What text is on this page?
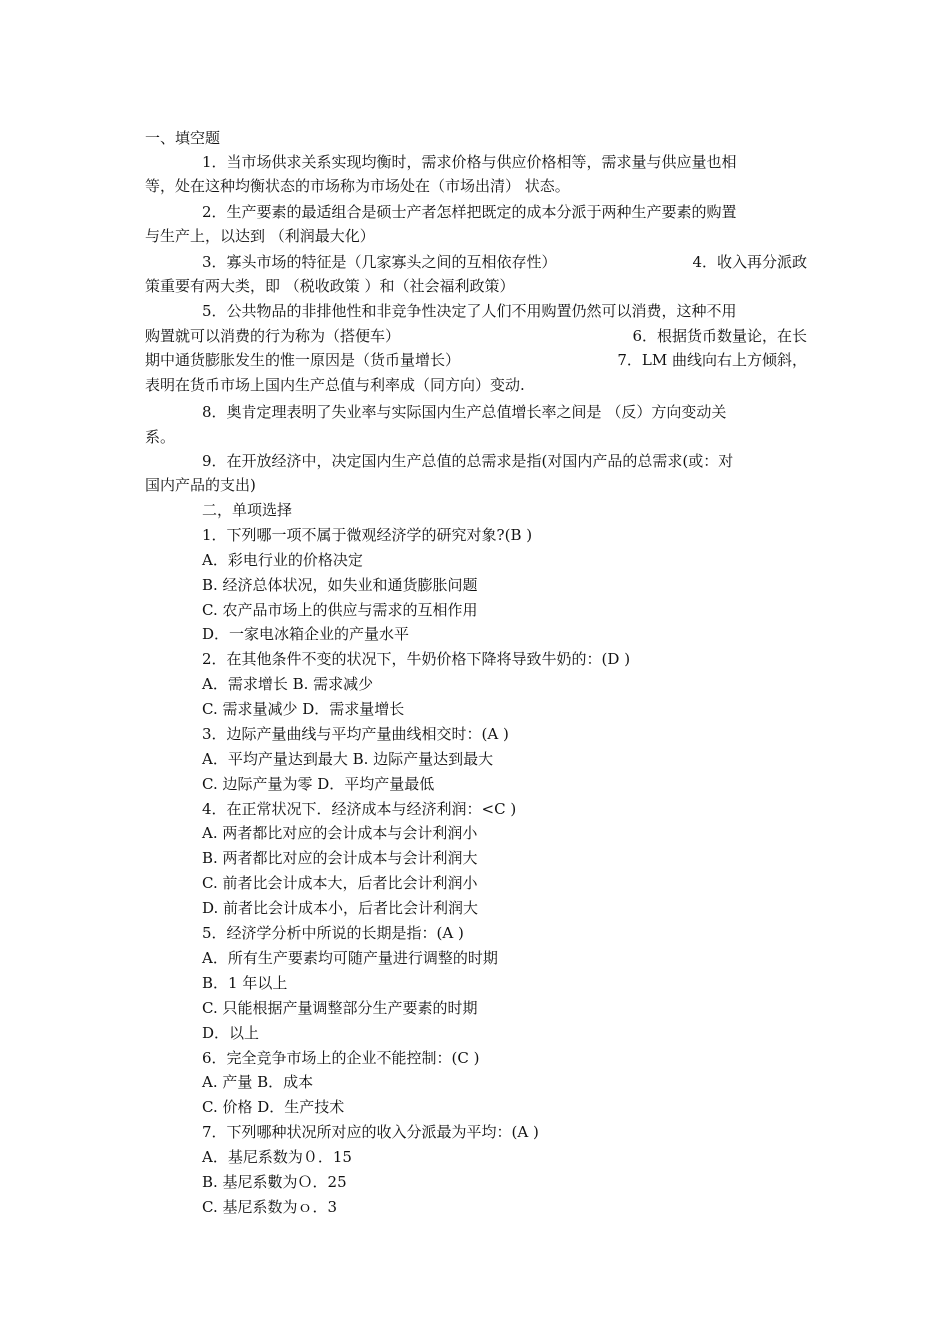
一、填空题
1．当市场供求关系实现均衡时，需求价格与供应价格相等，需求量与供应量也相
等，处在这种均衡状态的市场称为市场处在（市场出清） 状态。
2．生产要素的最适组合是硕士产者怎样把既定的成本分派于两种生产要素的购置
与生产上，以达到 （利润最大化）
3．寡头市场的特征是（几家寡头之间的互相依存性）	4．收入再分派政
策重要有两大类，即 （税收政策 ）和（社会福利政策）
5．公共物品的非排他性和非竞争性决定了人们不用购置仍然可以消费，这种不用
购置就可以消费的行为称为（搭便车）	6．根据货币数量论，在长
期中通货膨胀发生的惟一原因是（货币量增长）	7．LM 曲线向右上方倾斜，
表明在货币市场上国内生产总值与利率成（同方向）变动.
8．奥肯定理表明了失业率与实际国内生产总值增长率之间是 （反）方向变动关
系。
9．在开放经济中，决定国内生产总值的总需求是指(对国内产品的总需求(或：对
国内产品的支出)
二，单项选择
1．下列哪一项不属于微观经济学的研究对象?(B )
A．彩电行业的价格决定
B. 经济总体状况，如失业和通货膨胀问题
C. 农产品市场上的供应与需求的互相作用
D．一家电冰箱企业的产量水平
2．在其他条件不变的状况下，牛奶价格下降将导致牛奶的：(D )
A．需求增长 B. 需求减少
C. 需求量减少 D．需求量增长
3．边际产量曲线与平均产量曲线相交时：(A )
A．平均产量达到最大 B. 边际产量达到最大
C. 边际产量为零 D．平均产量最低
4．在正常状况下．经济成本与经济利润：<C )
A. 两者都比对应的会计成本与会计利润小
B. 两者都比对应的会计成本与会计利润大
C. 前者比会计成本大，后者比会计利润小
D. 前者比会计成本小，后者比会计利润大
5．经济学分析中所说的长期是指：(A )
A．所有生产要素均可随产量进行调整的时期
B．1 年以上
C. 只能根据产量调整部分生产要素的时期
D．以上
6．完全竞争市场上的企业不能控制：(C )
A. 产量 B．成本
C. 价格 D．生产技术
7．下列哪种状况所对应的收入分派最为平均：(A )
A．基尼系数为０．15
B. 基尼系數为Ｏ．25
C. 基尼系数为ｏ．3
